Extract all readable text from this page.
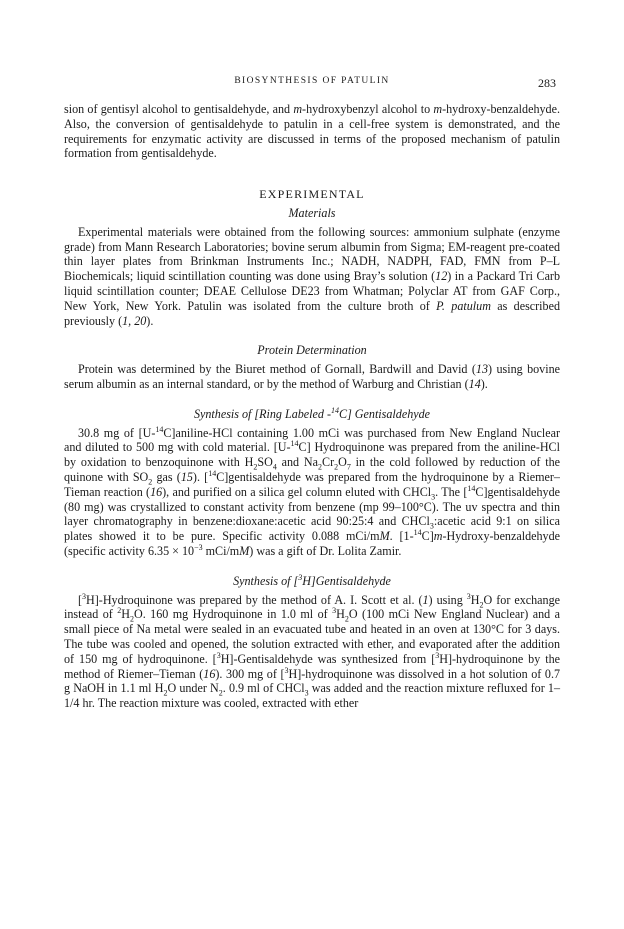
BIOSYNTHESIS OF PATULIN	283

sion of gentisyl alcohol to gentisaldehyde, and m-hydroxybenzyl alcohol to m-hydroxy-benzaldehyde. Also, the conversion of gentisaldehyde to patulin in a cell-free system is demonstrated, and the requirements for enzymatic activity are discussed in terms of the proposed mechanism of patulin formation from gentisaldehyde.

EXPERIMENTAL
Materials

Experimental materials were obtained from the following sources: ammonium sulphate (enzyme grade) from Mann Research Laboratories; bovine serum albumin from Sigma; EM-reagent pre-coated thin layer plates from Brinkman Instruments Inc.; NADH, NADPH, FAD, FMN from P–L Biochemicals; liquid scintillation counting was done using Bray’s solution (12) in a Packard Tri Carb liquid scintillation counter; DEAE Cellulose DE23 from Whatman; Polyclar AT from GAF Corp., New York, New York. Patulin was isolated from the culture broth of P. patulum as described previously (1, 20).

Protein Determination

Protein was determined by the Biuret method of Gornall, Bardwill and David (13) using bovine serum albumin as an internal standard, or by the method of Warburg and Christian (14).

Synthesis of [Ring Labeled -$^{14}$C] Gentisaldehyde

30.8 mg of [U-$^{14}$C]aniline-HCl containing 1.00 mCi was purchased from New England Nuclear and diluted to 500 mg with cold material. [U-$^{14}$C] Hydroquinone was prepared from the aniline-HCl by oxidation to benzoquinone with $H_2SO_4$ and $Na_2Cr_2O_7$ in the cold followed by reduction of the quinone with $SO_2$ gas (15). [$^{14}$C]gentisaldehyde was prepared from the hydroquinone by a Riemer–Tieman reaction (16), and purified on a silica gel column eluted with CHCl$_3$. The [$^{14}$C]gentisaldehyde (80 mg) was crystallized to constant activity from benzene (mp 99–100°C). The uv spectra and thin layer chromatography in benzene:dioxane:acetic acid 90:25:4 and CHCl$_3$:acetic acid 9:1 on silica plates showed it to be pure. Specific activity 0.088 mCi/mM. [1-$^{14}$C]m-Hydroxy-benzaldehyde (specific activity $6.35 \times 10^{-3}$ mCi/mM) was a gift of Dr. Lolita Zamir.

Synthesis of [$^3$H]Gentisaldehyde

[$^3$H]-Hydroquinone was prepared by the method of A. I. Scott et al. (1) using $^3H_2O$ for exchange instead of $^2H_2O$. 160 mg Hydroquinone in 1.0 ml of $^3H_2O$ (100 mCi New England Nuclear) and a small piece of Na metal were sealed in an evacuated tube and heated in an oven at 130°C for 3 days. The tube was cooled and opened, the solution extracted with ether, and evaporated after the addition of 150 mg of hydroquinone. [$^3$H]-Gentisaldehyde was synthesized from [$^3$H]-hydroquinone by the method of Riemer–Tieman (16). 300 mg of [$^3$H]-hydroquinone was dissolved in a hot solution of 0.7 g NaOH in 1.1 ml $H_2O$ under $N_2$. 0.9 ml of CHCl$_3$ was added and the reaction mixture refluxed for 1–1/4 hr. The reaction mixture was cooled, extracted with ether
